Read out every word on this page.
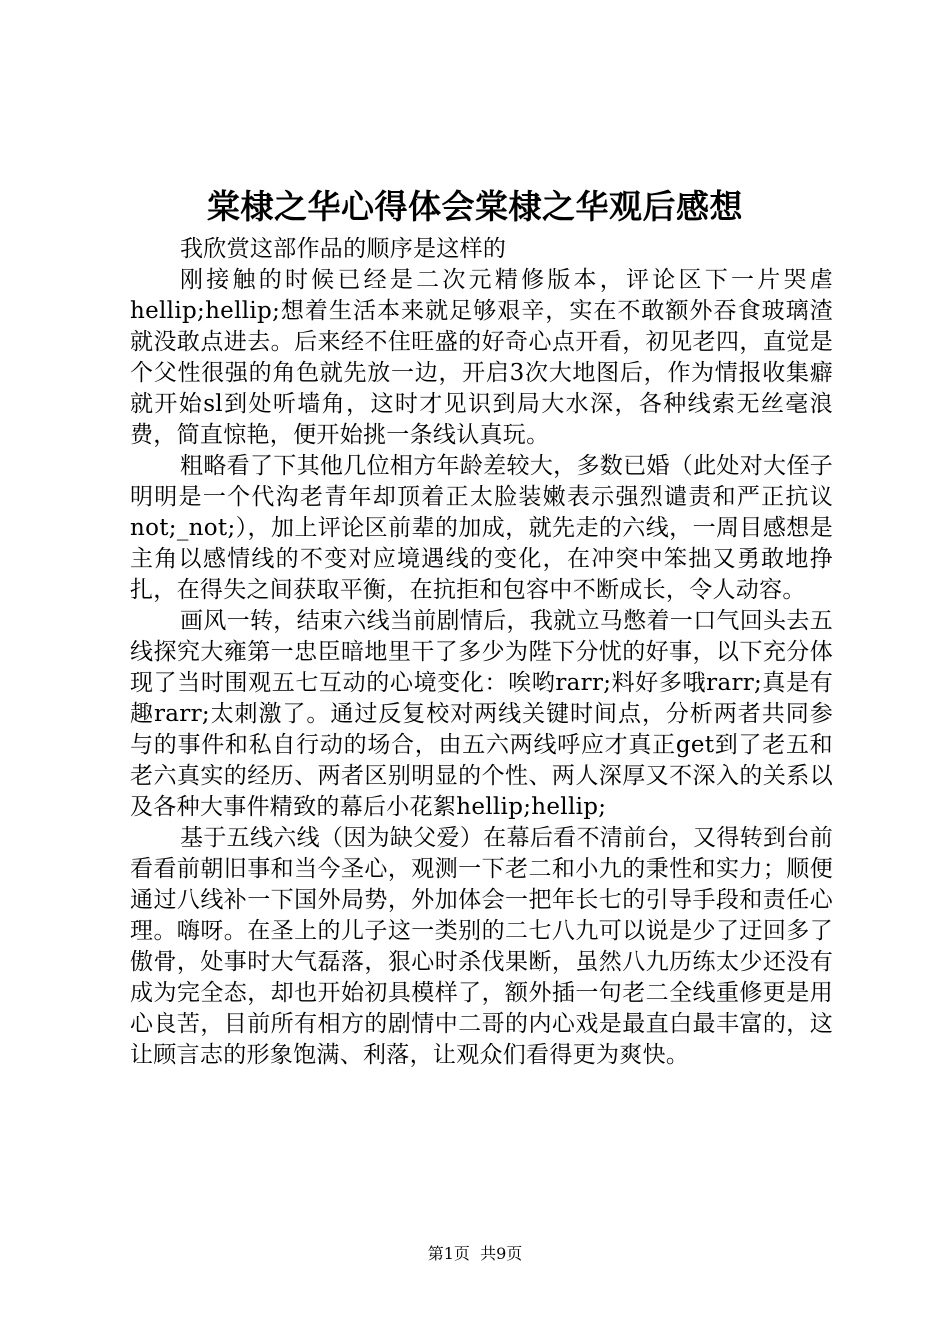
棠棣之华心得体会棠棣之华观后感想

我欣赏这部作品的顺序是这样的

刚接触的时候已经是二次元精修版本，评论区下一片哭虐hellip;hellip;想着生活本来就足够艰辛，实在不敢额外吞食玻璃渣就没敢点进去。后来经不住旺盛的好奇心点开看，初见老四，直觉是个父性很强的角色就先放一边，开启3次大地图后，作为情报收集癖就开始sl到处听墙角，这时才见识到局大水深，各种线索无丝毫浪费，简直惊艳，便开始挑一条线认真玩。

粗略看了下其他几位相方年龄差较大，多数已婚（此处对大侄子明明是一个代沟老青年却顶着正太脸装嫩表示强烈谴责和严正抗议not;_not;），加上评论区前辈的加成，就先走的六线，一周目感想是主角以感情线的不变对应境遇线的变化，在冲突中笨拙又勇敢地挣扎，在得失之间获取平衡，在抗拒和包容中不断成长，令人动容。

画风一转，结束六线当前剧情后，我就立马憋着一口气回头去五线探究大雍第一忠臣暗地里干了多少为陛下分忧的好事，以下充分体现了当时围观五七互动的心境变化：唉哟rarr;料好多哦rarr;真是有趣rarr;太刺激了。通过反复校对两线关键时间点，分析两者共同参与的事件和私自行动的场合，由五六两线呼应才真正get到了老五和老六真实的经历、两者区别明显的个性、两人深厚又不深入的关系以及各种大事件精致的幕后小花絮hellip;hellip;

基于五线六线（因为缺父爱）在幕后看不清前台，又得转到台前看看前朝旧事和当今圣心，观测一下老二和小九的秉性和实力；顺便通过八线补一下国外局势，外加体会一把年长七的引导手段和责任心理。嗨呀。在圣上的儿子这一类别的二七八九可以说是少了迂回多了傲骨，处事时大气磊落，狠心时杀伐果断，虽然八九历练太少还没有成为完全态，却也开始初具模样了，额外插一句老二全线重修更是用心良苦，目前所有相方的剧情中二哥的内心戏是最直白最丰富的，这让顾言志的形象饱满、利落，让观众们看得更为爽快。

第1页  共9页
